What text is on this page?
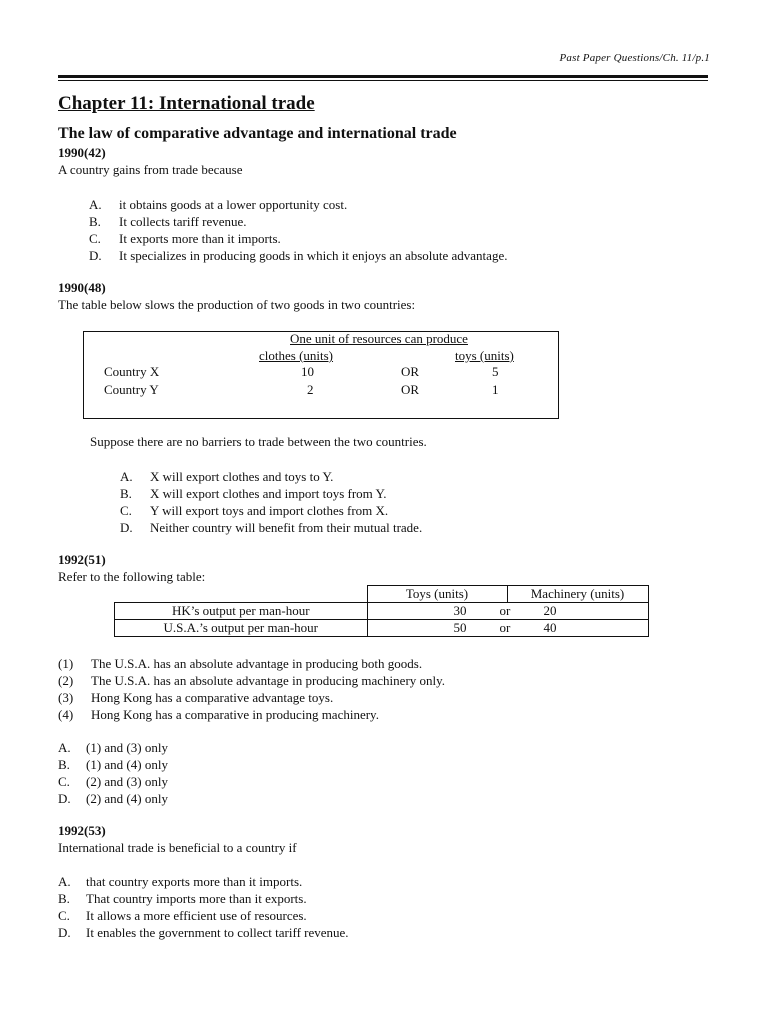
Past Paper Questions/Ch. 11/p.1
Chapter 11: International trade
The law of comparative advantage and international trade
1990(42)
A country gains from trade because
A.	it obtains goods at a lower opportunity cost.
B.	It collects tariff revenue.
C.	It exports more than it imports.
D.	It specializes in producing goods in which it enjoys an absolute advantage.
1990(48)
The table below slows the production of two goods in two countries:
One unit of resources can produce
clothes (units)	toys (units)
Country X	10	OR	5
Country Y	2	OR	1
Suppose there are no barriers to trade between the two countries.
A.	X will export clothes and toys to Y.
B.	X will export clothes and import toys from Y.
C.	Y will export toys and import clothes from X.
D.	Neither country will benefit from their mutual trade.
1992(51)
Refer to the following table:
	Toys (units)	Machinery (units)
HK’s output per man-hour	30 or 20	

U.S.A.’s output per man-hour	50 or 40	
(1)	The U.S.A. has an absolute advantage in producing both goods.
(2)	The U.S.A. has an absolute advantage in producing machinery only.
(3)	Hong Kong has a comparative advantage toys.
(4)	Hong Kong has a comparative in producing machinery.
A.	(1) and (3) only
B.	(1) and (4) only
C.	(2) and (3) only
D.	(2) and (4) only
1992(53)
International trade is beneficial to a country if
A.	that country exports more than it imports.
B.	That country imports more than it exports.
C.	It allows a more efficient use of resources.
D.	It enables the government to collect tariff revenue.
